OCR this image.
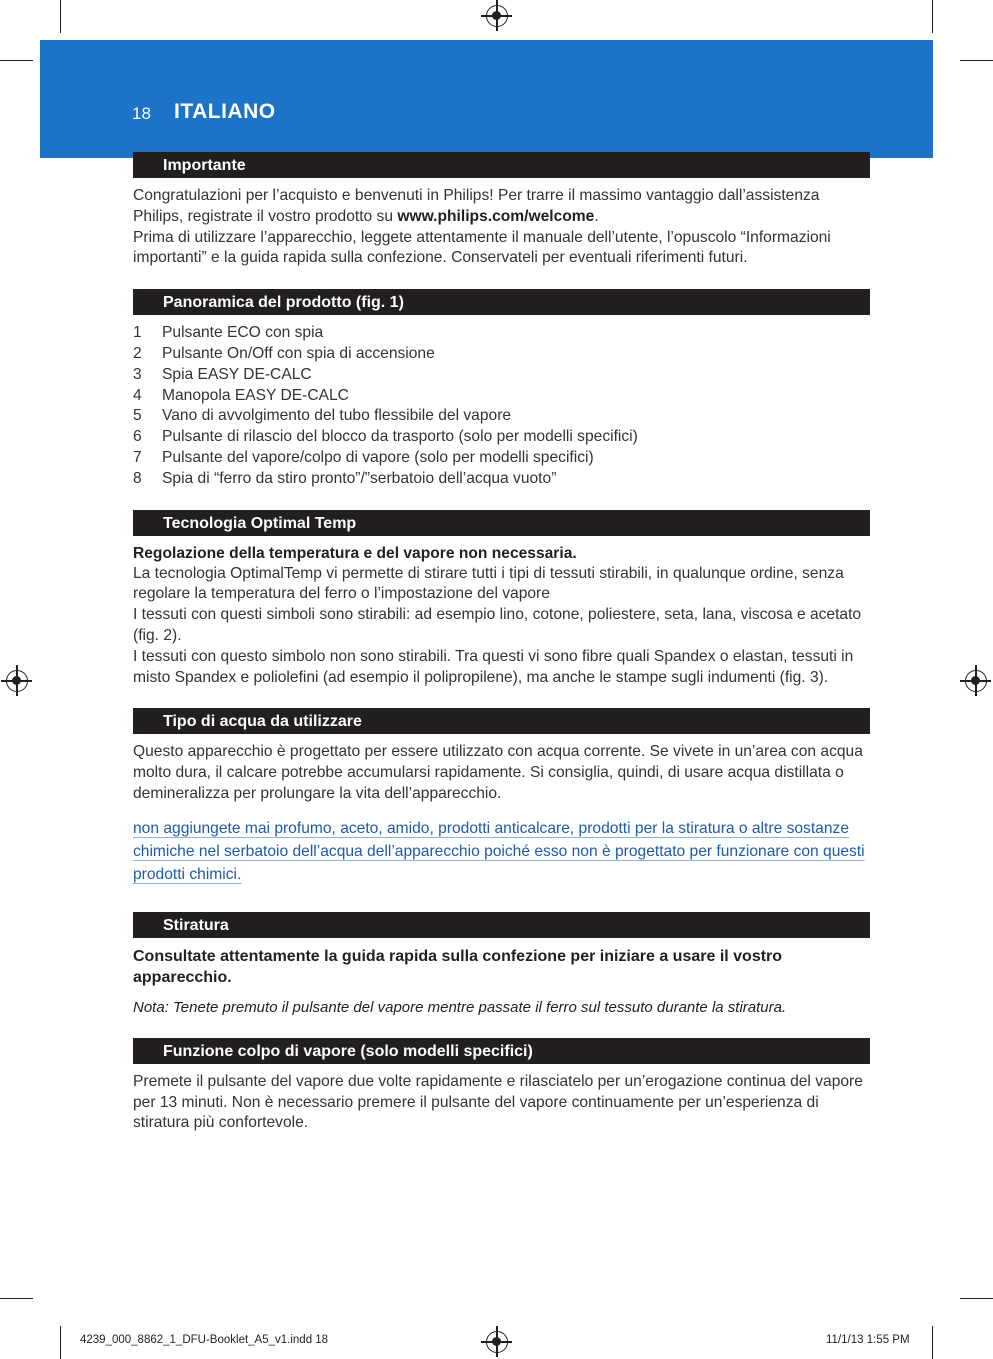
18 ITALIANO
Importante

Congratulazioni per l’acquisto e benvenuti in Philips! Per trarre il massimo vantaggio dall’assistenza Philips, registrate il vostro prodotto su www.philips.com/welcome.

Prima di utilizzare l’apparecchio, leggete attentamente il manuale dell’utente, l’opuscolo “Informazioni importanti” e la guida rapida sulla confezione. Conservateli per eventuali riferimenti futuri.

Panoramica del prodotto (fig. 1)
1	Pulsante ECO con spia
2	Pulsante On/Off con spia di accensione
3	Spia EASY DE-CALC
4	Manopola EASY DE-CALC
5	Vano di avvolgimento del tubo flessibile del vapore
6	Pulsante di rilascio del blocco da trasporto (solo per modelli specifici)
7	Pulsante del vapore/colpo di vapore (solo per modelli specifici)
8	Spia di “ferro da stiro pronto”/”serbatoio dell’acqua vuoto”
Tecnologia Optimal Temp

Regolazione della temperatura e del vapore non necessaria.

La tecnologia OptimalTemp vi permette di stirare tutti i tipi di tessuti stirabili, in qualunque ordine, senza regolare la temperatura del ferro o l’impostazione del vapore

I tessuti con questi simboli sono stirabili: ad esempio lino, cotone, poliestere, seta, lana, viscosa e acetato (fig. 2).

I tessuti con questo simbolo non sono stirabili. Tra questi vi sono fibre quali Spandex o elastan, tessuti in misto Spandex e poliolefini (ad esempio il polipropilene), ma anche le stampe sugli indumenti (fig. 3).

Tipo di acqua da utilizzare

Questo apparecchio è progettato per essere utilizzato con acqua corrente. Se vivete in un’area con acqua molto dura, il calcare potrebbe accumularsi rapidamente. Si consiglia, quindi, di usare acqua distillata o demineralizza per prolungare la vita dell’apparecchio.

non aggiungete mai profumo, aceto, amido, prodotti anticalcare, prodotti per la stiratura o altre sostanze chimiche nel serbatoio dell’acqua dell’apparecchio poiché esso non è progettato per funzionare con questi prodotti chimici.

Stiratura

Consultate attentamente la guida rapida sulla confezione per iniziare a usare il vostro apparecchio.

Nota: Tenete premuto il pulsante del vapore mentre passate il ferro sul tessuto durante la stiratura.

Funzione colpo di vapore (solo modelli specifici)

Premete il pulsante del vapore due volte rapidamente e rilasciatelo per un’erogazione continua del vapore per 13 minuti. Non è necessario premere il pulsante del vapore continuamente per un’esperienza di stiratura più confortevole.

4239_000_8862_1_DFU-Booklet_A5_v1.indd 18	11/1/13 1:55 PM
